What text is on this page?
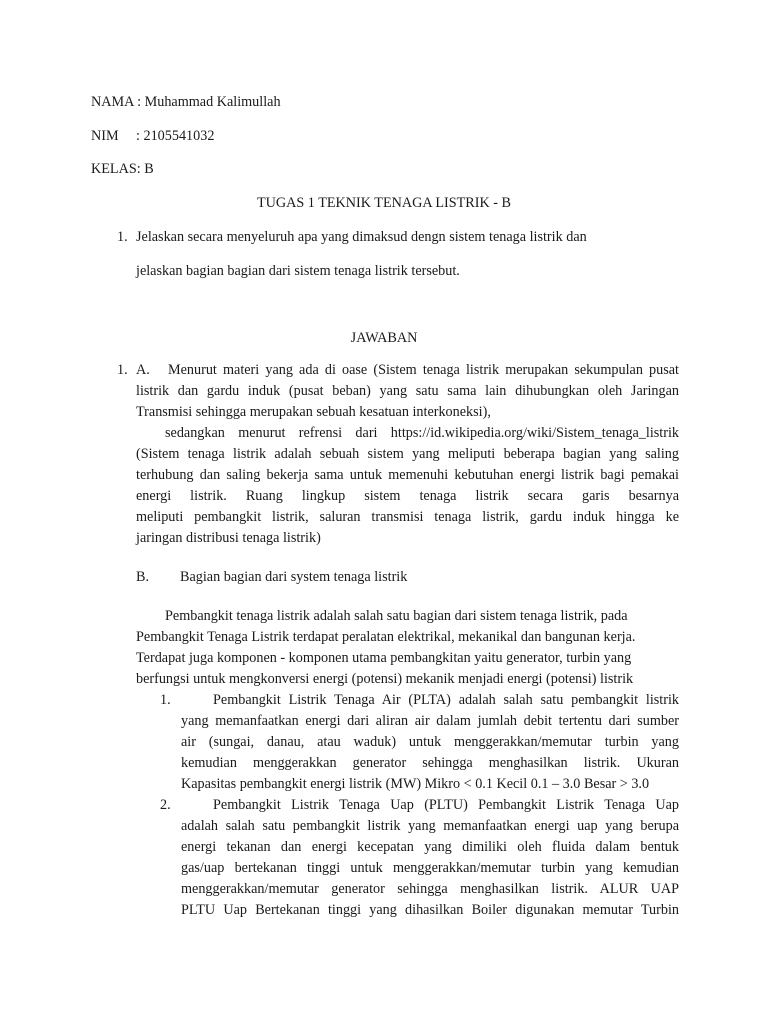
NAMA : Muhammad Kalimullah
NIM : 2105541032
KELAS: B
TUGAS 1 TEKNIK TENAGA LISTRIK - B
1. Jelaskan secara menyeluruh apa yang dimaksud dengn sistem tenaga listrik dan
jelaskan bagian bagian dari sistem tenaga listrik tersebut.
JAWABAN
1. A. Menurut materi yang ada di oase (Sistem tenaga listrik merupakan sekumpulan pusat
listrik dan gardu induk (pusat beban) yang satu sama lain dihubungkan oleh Jaringan
Transmisi sehingga merupakan sebuah kesatuan interkoneksi),
sedangkan menurut refrensi dari https://id.wikipedia.org/wiki/Sistem_tenaga_listrik
(Sistem tenaga listrik adalah sebuah sistem yang meliputi beberapa bagian yang saling
terhubung dan saling bekerja sama untuk memenuhi kebutuhan energi listrik bagi pemakai
energi listrik. Ruang lingkup sistem tenaga listrik secara garis besarnya
meliputi pembangkit listrik, saluran transmisi tenaga listrik, gardu induk hingga ke
jaringan distribusi tenaga listrik)
B. Bagian bagian dari system tenaga listrik
Pembangkit tenaga listrik adalah salah satu bagian dari sistem tenaga listrik, pada
Pembangkit Tenaga Listrik terdapat peralatan elektrikal, mekanikal dan bangunan kerja.
Terdapat juga komponen - komponen utama pembangkitan yaitu generator, turbin yang
berfungsi untuk mengkonversi energi (potensi) mekanik menjadi energi (potensi) listrik
1.	Pembangkit Listrik Tenaga Air (PLTA) adalah salah satu pembangkit listrik
yang memanfaatkan energi dari aliran air dalam jumlah debit tertentu dari sumber
air (sungai, danau, atau waduk) untuk menggerakkan/memutar turbin yang
kemudian menggerakkan generator sehingga menghasilkan listrik. Ukuran
Kapasitas pembangkit energi listrik (MW) Mikro < 0.1 Kecil 0.1 – 3.0 Besar > 3.0
2.	Pembangkit Listrik Tenaga Uap (PLTU) Pembangkit Listrik Tenaga Uap
adalah salah satu pembangkit listrik yang memanfaatkan energi uap yang berupa
energi tekanan dan energi kecepatan yang dimiliki oleh fluida dalam bentuk
gas/uap bertekanan tinggi untuk menggerakkan/memutar turbin yang kemudian
menggerakkan/memutar generator sehingga menghasilkan listrik. ALUR UAP
PLTU Uap Bertekanan tinggi yang dihasilkan Boiler digunakan memutar Turbin
